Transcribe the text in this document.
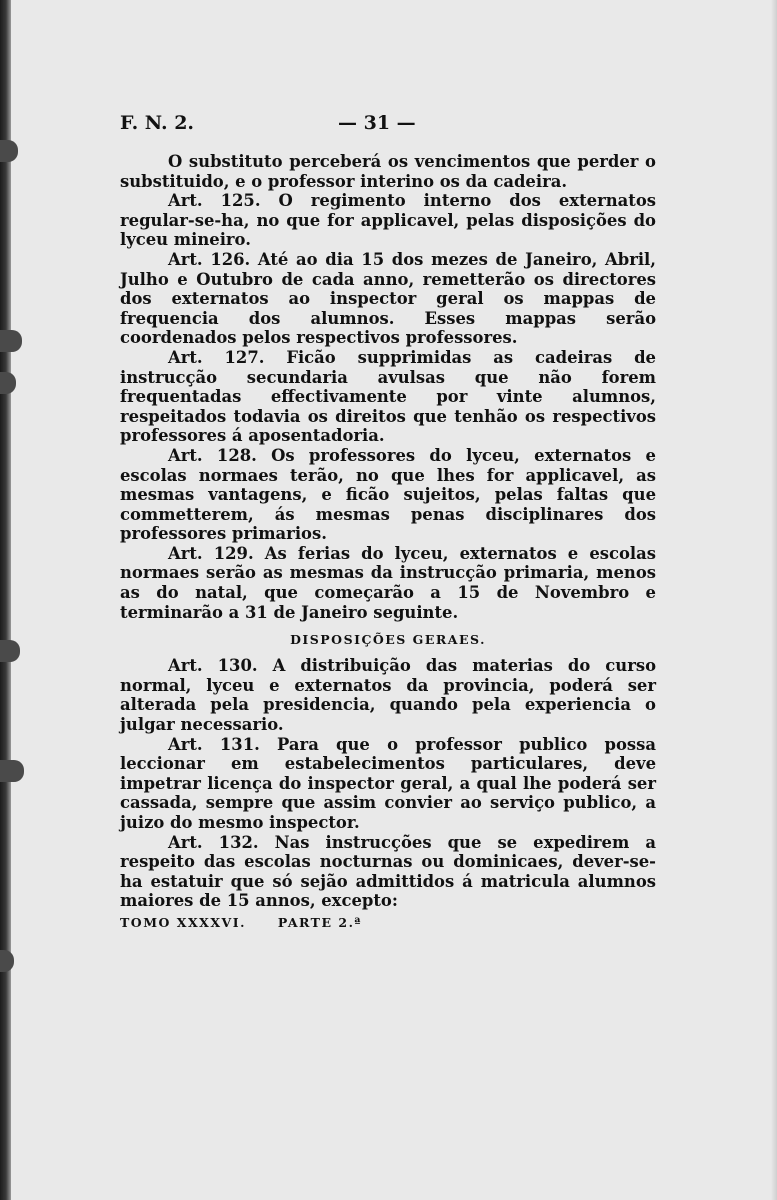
F. N. 2.	— 31 —

O substituto perceberá os vencimentos que perder o substituido, e o professor interino os da cadeira.

Art. 125. O regimento interno dos externatos regular-se-ha, no que for applicavel, pelas disposições do lyceu mineiro.

Art. 126. Até ao dia 15 dos mezes de Janeiro, Abril, Julho e Outubro de cada anno, remetterão os directores dos externatos ao inspector geral os mappas de frequencia dos alumnos. Esses mappas serão coordenados pelos respectivos professores.

Art. 127. Ficão supprimidas as cadeiras de instrucção secundaria avulsas que não forem frequentadas effectivamente por vinte alumnos, respeitados todavia os direitos que tenhão os respectivos professores á aposentadoria.

Art. 128. Os professores do lyceu, externatos e escolas normaes terão, no que lhes for applicavel, as mesmas vantagens, e ficão sujeitos, pelas faltas que commetterem, ás mesmas penas disciplinares dos professores primarios.

Art. 129. As ferias do lyceu, externatos e escolas normaes serão as mesmas da instrucção primaria, menos as do natal, que começarão a 15 de Novembro e terminarão a 31 de Janeiro seguinte.

DISPOSIÇÕES GERAES.

Art. 130. A distribuição das materias do curso normal, lyceu e externatos da provincia, poderá ser alterada pela presidencia, quando pela experiencia o julgar necessario.

Art. 131. Para que o professor publico possa leccionar em estabelecimentos particulares, deve impetrar licença do inspector geral, a qual lhe poderá ser cassada, sempre que assim convier ao serviço publico, a juizo do mesmo inspector.

Art. 132. Nas instrucções que se expedirem a respeito das escolas nocturnas ou dominicaes, dever-se-ha estatuir que só sejão admittidos á matricula alumnos maiores de 15 annos, excepto:

TOMO XXXXVI.	PARTE 2.ª
